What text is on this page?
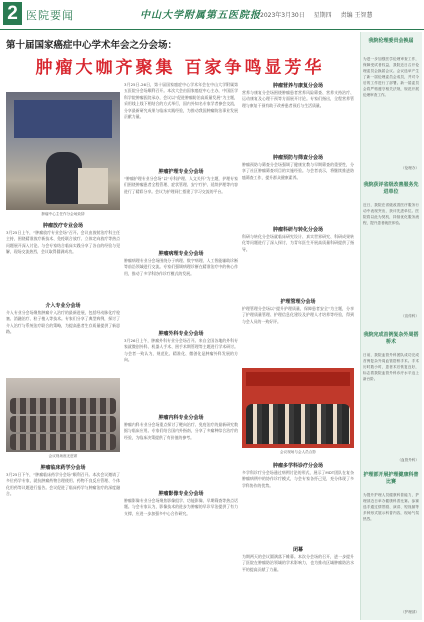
2 医院要闻	中山大学附属第五医院报 2023年3月30日 星期四 责编 王智慧
第十届国家癌症中心学术年会之分会场：
肿瘤大咖齐聚集 百家争鸣显芳华
3月25日-26日，第十届国家癌症中心学术年会在中山大学附属第五医院分会场顺利召开。本次大会由国家癌症中心主办，中国医学科学院肿瘤医院承办，会议以“促进肿瘤防治高质量发展”为主题，采用线上线下相结合的方式举行，国内外知名专家学者参会交流，分享最新研究成果与临床实践经验，为推动我国肿瘤防治事业发展贡献力量。
肿瘤中心主任作分会场致辞
肿瘤放疗专业会场
3月25日上午，“肿瘤放疗专业会场”召开。会议由放射治疗科主任主持，围绕精准放疗新技术、免疫联合放疗、立体定向放疗等热点问题展开深入讨论。与会专家结合临床实践分享了各自的经验与见解，现场交流热烈，会议取得圆满成功。
介入专业分会场
介入专业分会场聚焦肿瘤介入治疗的最新进展，包括经动脉化疗栓塞、消融治疗、粒子植入等技术。专家们分享了典型病例，探讨了介入治疗与系统治疗联合的策略，为提高患者生存质量提供了新思路。
会议现场座无虚席
肿瘤临床药学分会场
3月25日下午，“肿瘤临床药学分会场”顺利召开。本次会议邀请了多位药学专家，就抗肿瘤药物合理使用、药物不良反应管理、个体化用药等议题进行报告。会议促进了临床药学与肿瘤治疗的深度融合。
肿瘤护理专业分会场
“肿瘤护理专业分会场”以“专科护理、人文关怀”为主题，护理专家们围绕肿瘤患者全程管理、症状管理、安宁疗护、延续护理等内容进行了精彩分享。会议为护理同仁搭建了学习交流的平台。
肿瘤病理专业分会场
肿瘤病理专业分会场围绕分子病理、数字病理、人工智能辅助诊断等前沿领域进行交流。专家们强调病理诊断在精准治疗中的核心作用，推动了多学科协作诊疗模式的发展。
肿瘤外科专业分会场
3月26日上午，肿瘤外科专业分会场召开。来自全国各地的外科专家就微创外科、机器人手术、围手术期管理等主题进行学术研讨。与会者一致认为，规范化、精准化、微创化是肿瘤外科发展的方向。
肿瘤内科专业分会场
肿瘤内科专业分会场重点探讨了靶向治疗、免疫治疗的最新研究数据与临床应用。专家们结合国内外指南，分享了多瘤种综合治疗的经验，为临床决策提供了有价值的参考。
肿瘤影像专业分会场
肿瘤影像专业分会场聚焦影像组学、功能影像、早期筛查等热点话题。与会专家认为，影像技术的进步为肿瘤的早诊早治提供了有力支撑，应进一步加强多中心合作研究。
肿瘤营养与康复分会场
营养与康复分会场围绕肿瘤患者营养风险筛查、营养支持治疗、运动康复及心理干预等方面展开讨论。专家们指出，全程营养管理与康复干预有助于改善患者预后与生活质量。
肿瘤预防与筛查分会场
肿瘤预防与筛查分会场强调了健康宣教与早期筛查的重要性，分享了社区肿瘤筛查项目的实施经验。与会者表示，将继续推进防癌筛查工作，提升群众健康素养。
肿瘤科研与转化分会场
科研与转化分会场就临床研究设计、真实世界研究、科研成果转化等问题进行了深入探讨，为青年医生开展高质量科研提供了指导。
护理管理分会场
护理管理分会场以“提升护理质量，保障患者安全”为主题，分享了护理质量管理、护理信息化建设及护理人才培养等经验，得到与会人员的一致好评。
会议现场与会人员合影
肿瘤多学科诊疗分会场
多学科诊疗分会场通过病例讨论的形式，展示了MDT团队在复杂肿瘤病例中的协作诊疗模式，与会专家各抒己见，充分体现了多学科协作的优势。
闭幕
为期两天的会议圆满落下帷幕。本次分会场的召开，进一步提升了医院在肿瘤防治领域的学术影响力，也为推动区域肿瘤防治水平的提高贡献了力量。
我院伦理委员会换届
为进一步加强医学伦理审查工作，保障受试者权益，我院近日召开伦理委员会换届会议。会议选举产生了新一届伦理委员会成员，并对今后的工作进行了部署。新一届委员会将严格遵守相关法规，规范开展伦理审查工作。
（伦理办）
我院获评省级改善服务先进单位
近日，我院在省级改善医疗服务行动中表现突出，获评先进单位。医院将以此为契机，持续优化服务流程，提升患者就医体验。
（宣传科）
我院完成首例复杂外周搭桥术
日前，我院血管外科团队成功完成首例复杂外周血管搭桥手术。手术历时数小时，患者术后恢复良好，标志着我院血管外科诊疗水平迈上新台阶。
（血管外科）
护理部开展护理健康科普比赛
为提升护理人员健康科普能力，护理部近日举办健康科普比赛。参赛选手通过情景剧、演讲、短视频等多种形式展示科普内容，现场气氛热烈。
（护理部）
